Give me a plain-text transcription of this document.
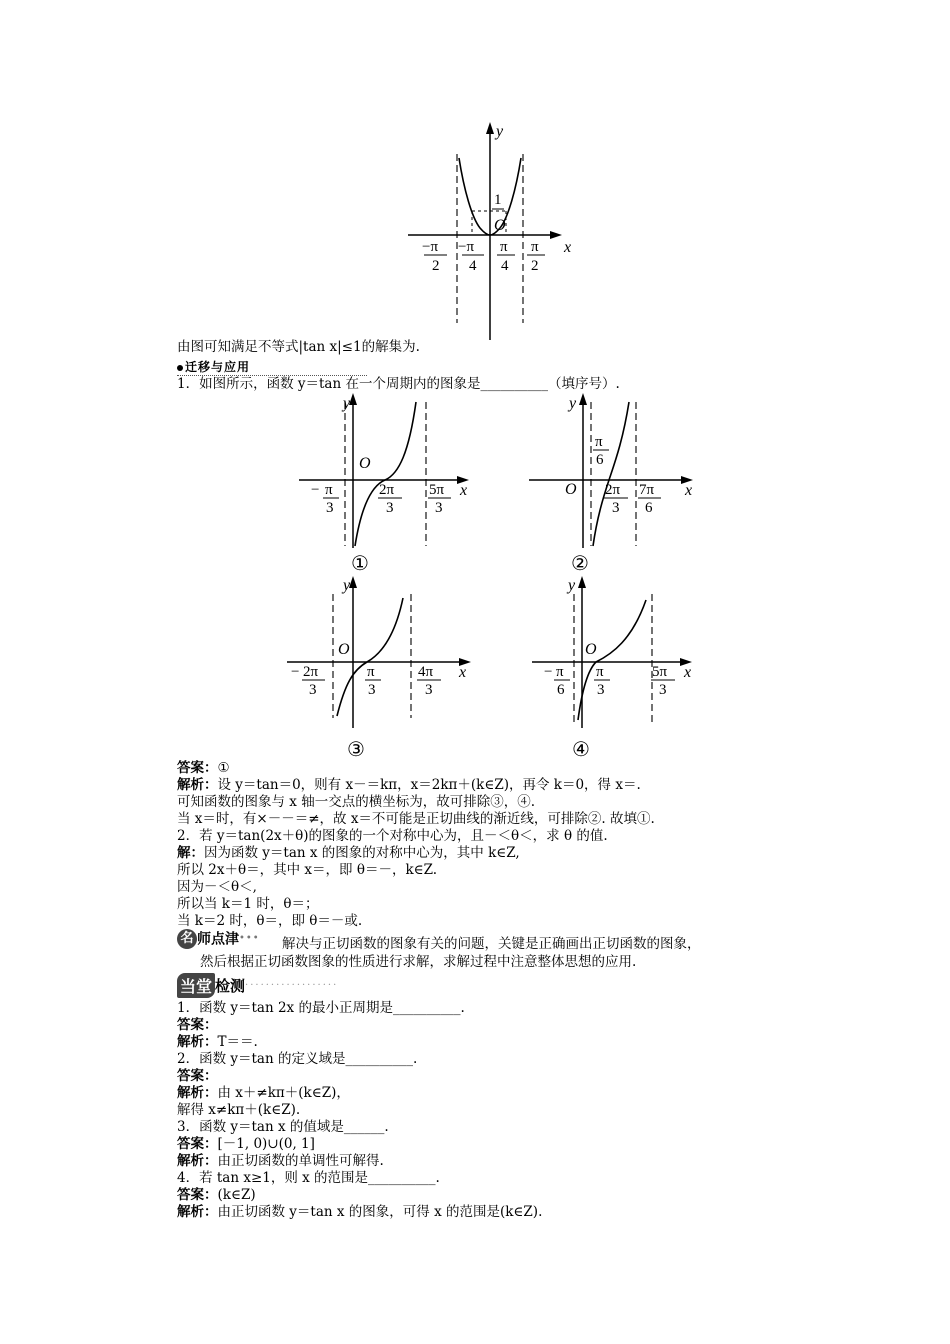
y
x
1
O
−π
2
−π
4
π
4
π
2
由图可知满足不等式|tan x|≤1的解集为.
迁移与应用
1．如图所示，函数 y＝tan 在一个周期内的图象是__________（填序号）.
y
x
O
− π
3
2π
3
5π
3
①
y
x
O
π
6
2π
3
7π
6
②
y
x
O
− 2π
3
π
3
4π
3
③
y
x
O
− π
6
π
3
5π
3
④
答案：①
解析：设 y＝tan＝0，则有 x－＝kπ，x＝2kπ＋(k∈Z)，再令 k＝0，得 x＝.
可知函数的图象与 x 轴一交点的横坐标为，故可排除③，④.
当 x＝时，有×－－＝≠，故 x＝不可能是正切曲线的渐近线，可排除②. 故填①.
2．若 y＝tan(2x＋θ)的图象的一个对称中心为，且－＜θ＜，求 θ 的值.
解：因为函数 y＝tan x 的图象的对称中心为，其中 k∈Z,
所以 2x＋θ＝，其中 x＝，即 θ＝－，k∈Z.
因为－＜θ＜,
所以当 k＝1 时，θ＝；
当 k＝2 时，θ＝，即 θ＝－或.
名 师点津••• 解决与正切函数的图象有关的问题，关键是正确画出正切函数的图象，
然后根据正切函数图象的性质进行求解，求解过程中注意整体思想的应用.
当堂 检测··················
1．函数 y＝tan 2x 的最小正周期是__________.
答案：
解析：T＝＝.
2．函数 y＝tan 的定义域是__________.
答案：
解析：由 x＋≠kπ＋(k∈Z)，
解得 x≠kπ＋(k∈Z).
3．函数 y＝tan x 的值域是______.
答案：[－1, 0)∪(0, 1]
解析：由正切函数的单调性可解得.
4．若 tan x≥1，则 x 的范围是__________.
答案：(k∈Z)
解析：由正切函数 y＝tan x 的图象，可得 x 的范围是(k∈Z).
